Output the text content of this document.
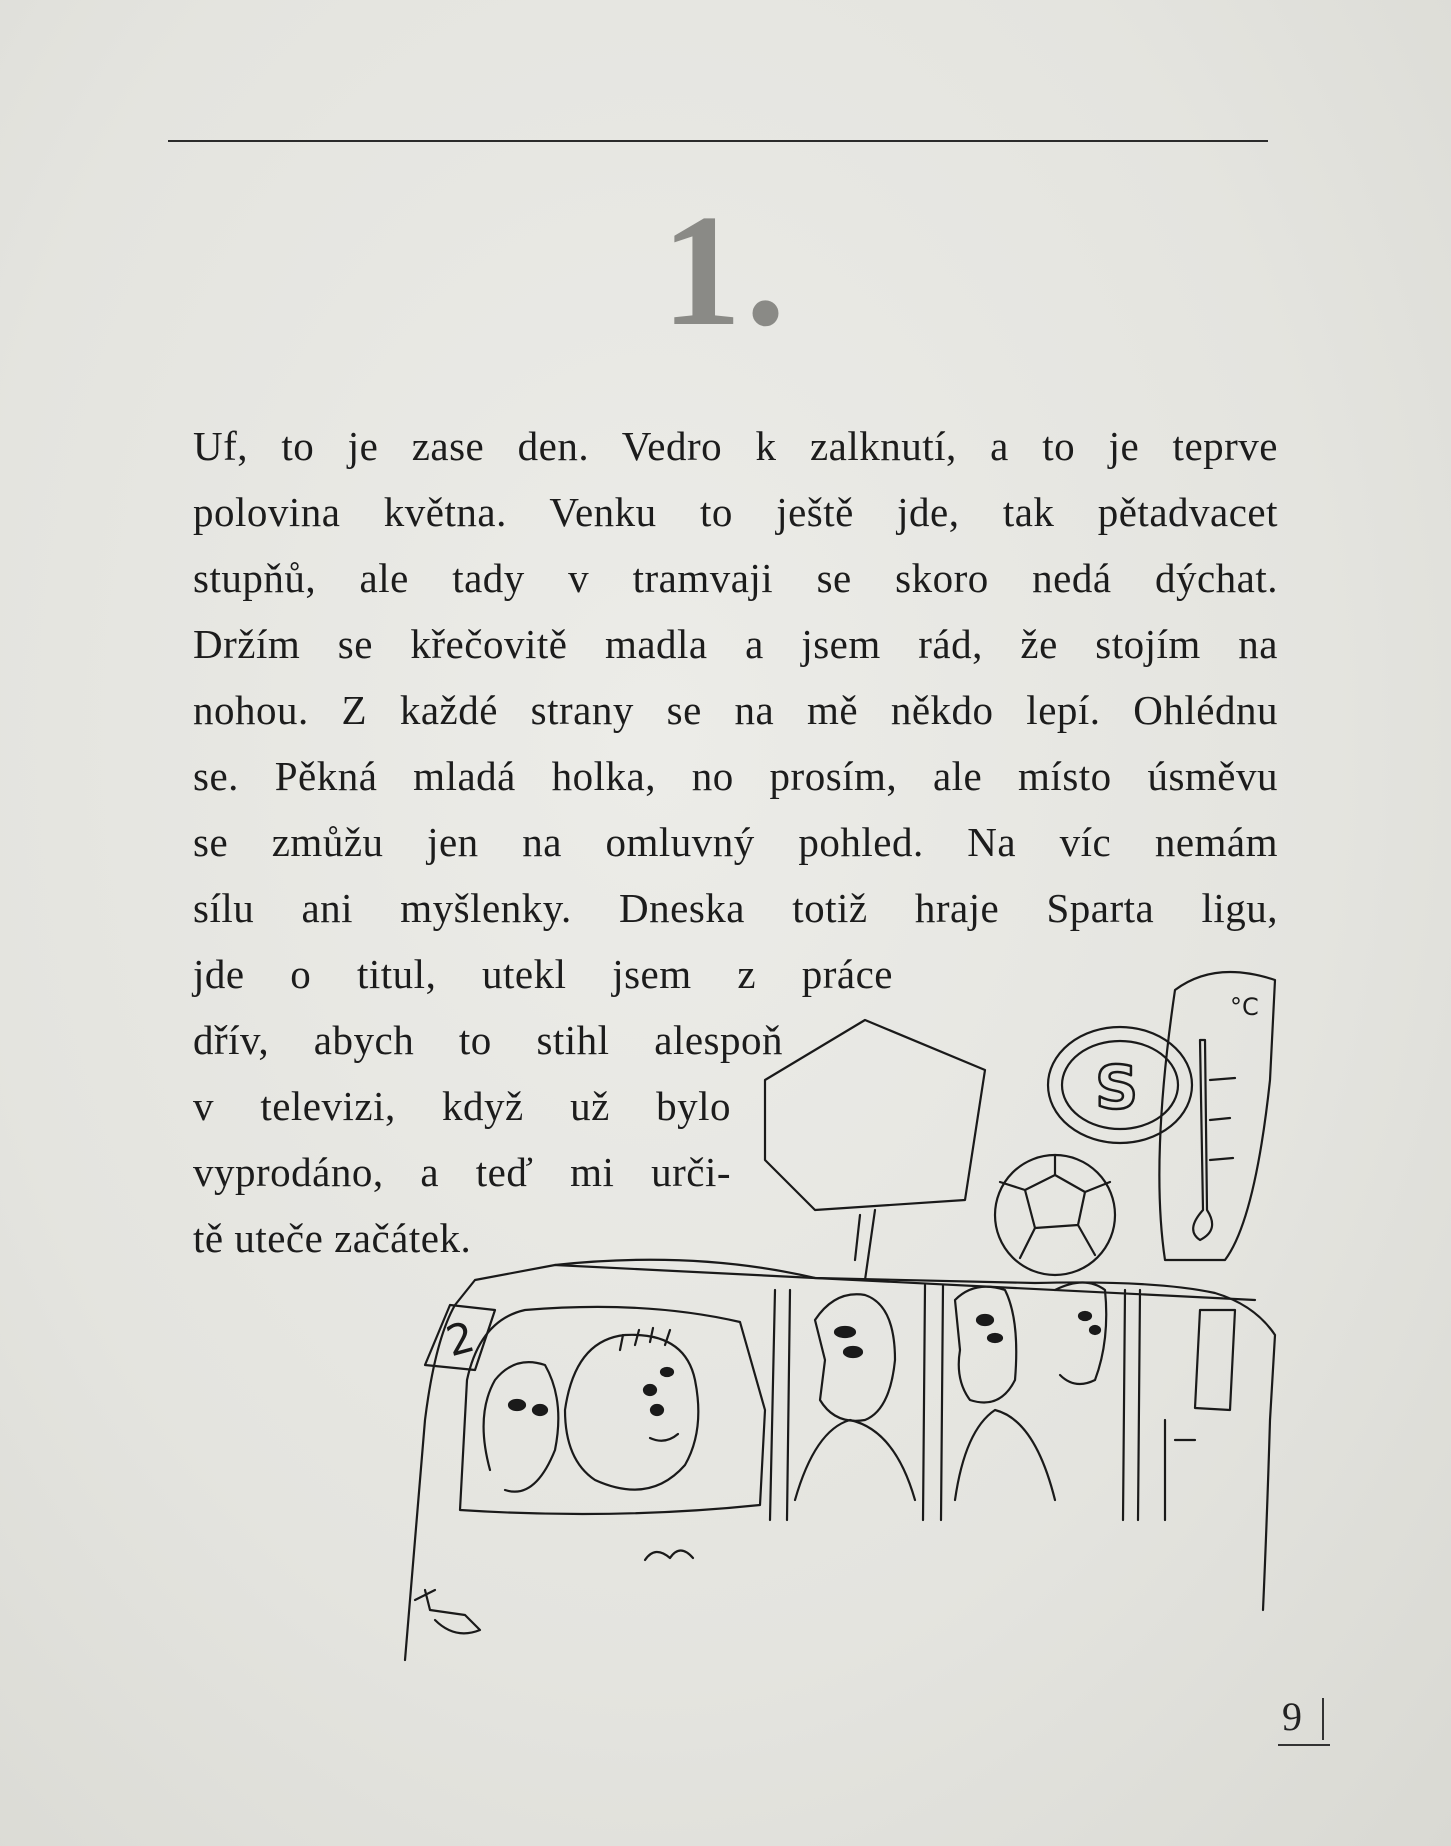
1.
Uf, to je zase den. Vedro k zalknutí, a to je teprve
polovina května. Venku to ještě jde, tak pětadvacet
stupňů, ale tady v tramvaji se skoro nedá dýchat.
Držím se křečovitě madla a jsem rád, že stojím na
nohou. Z každé strany se na mě někdo lepí. Ohlédnu
se. Pěkná mladá holka, no prosím, ale místo úsměvu
se zmůžu jen na omluvný pohled. Na víc nemám
sílu ani myšlenky. Dneska totiž hraje Sparta ligu,
jde o titul, utekl jsem z práce
dřív, abych to stihl alespoň
v televizi, když už bylo
vyprodáno, a teď mi urči-
tě uteče začátek.
2
S
°C
9
